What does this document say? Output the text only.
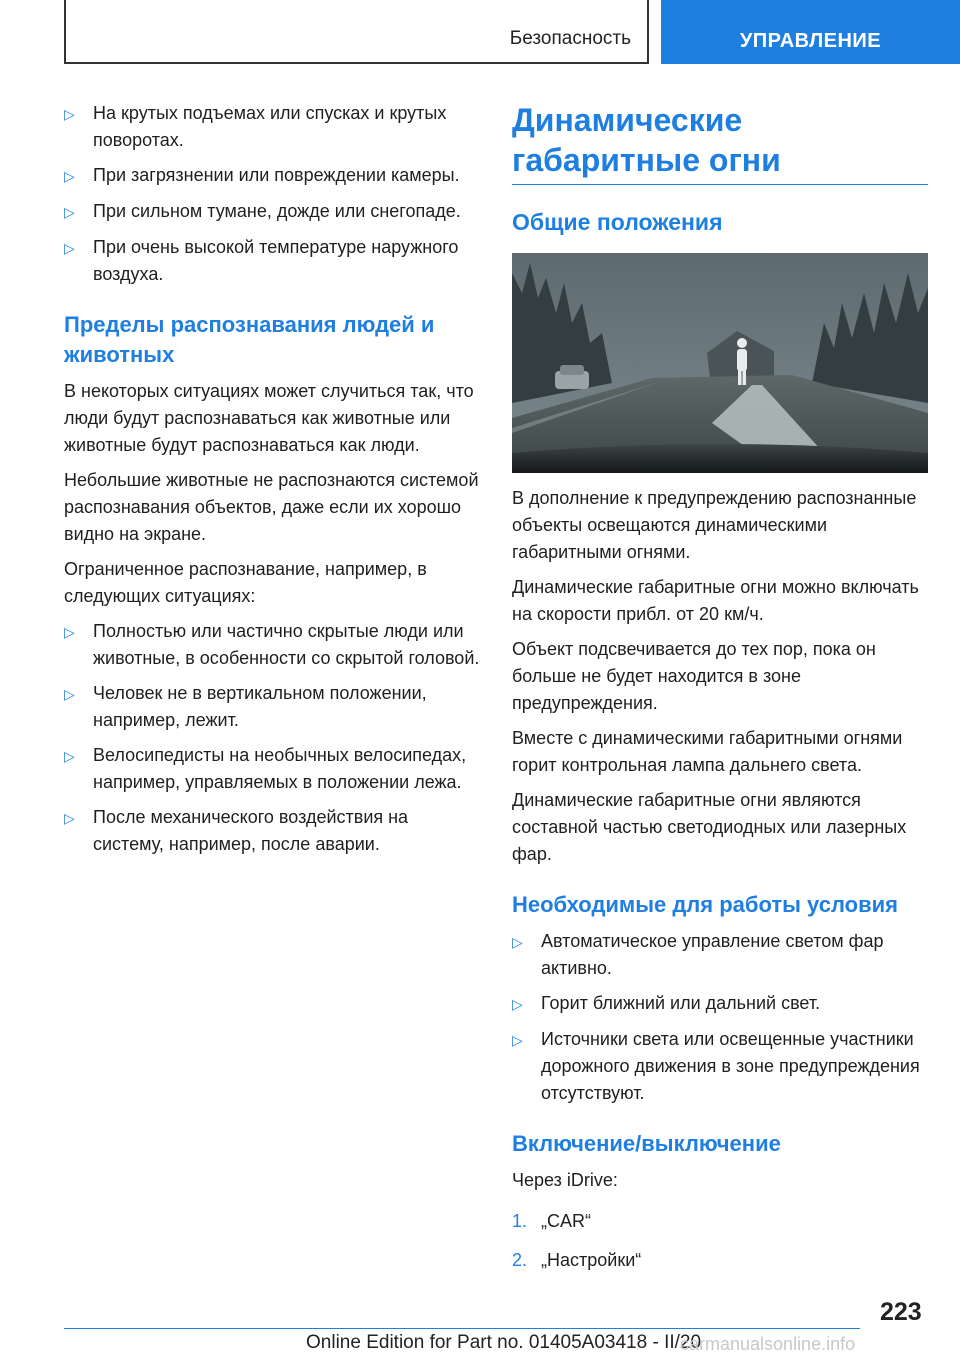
Безопасность	УПРАВЛЕНИЕ
▷	На крутых подъемах или спусках и крутых поворотах.
▷	При загрязнении или повреждении камеры.
▷	При сильном тумане, дожде или снегопаде.
▷	При очень высокой температуре наружного воздуха.
Пределы распознавания людей и животных

В некоторых ситуациях может случиться так, что люди будут распознаваться как животные или животные будут распознаваться как люди.

Небольшие животные не распознаются системой распознавания объектов, даже если их хорошо видно на экране.

Ограниченное распознавание, например, в следующих ситуациях:

▷	Полностью или частично скрытые люди или животные, в особенности со скрытой головой.
▷	Человек не в вертикальном положении, например, лежит.
▷	Велосипедисты на необычных велосипедах, например, управляемых в положении лежа.
▷	После механического воздействия на систему, например, после аварии.
Динамические габаритные огни
Общие положения

В дополнение к предупреждению распознанные объекты освещаются динамическими габаритными огнями.

Динамические габаритные огни можно включать на скорости прибл. от 20 км/ч.

Объект подсвечивается до тех пор, пока он больше не будет находится в зоне предупреждения.

Вместе с динамическими габаритными огнями горит контрольная лампа дальнего света.

Динамические габаритные огни являются составной частью светодиодных или лазерных фар.

Необходимые для работы условия
▷	Автоматическое управление светом фар активно.
▷	Горит ближний или дальний свет.
▷	Источники света или освещенные участники дорожного движения в зоне предупреждения отсутствуют.
Включение/выключение

Через iDrive:

1. „CAR“
2. „Настройки“
223
Online Edition for Part no. 01405A03418 - II/20
carmanualsonline.info
